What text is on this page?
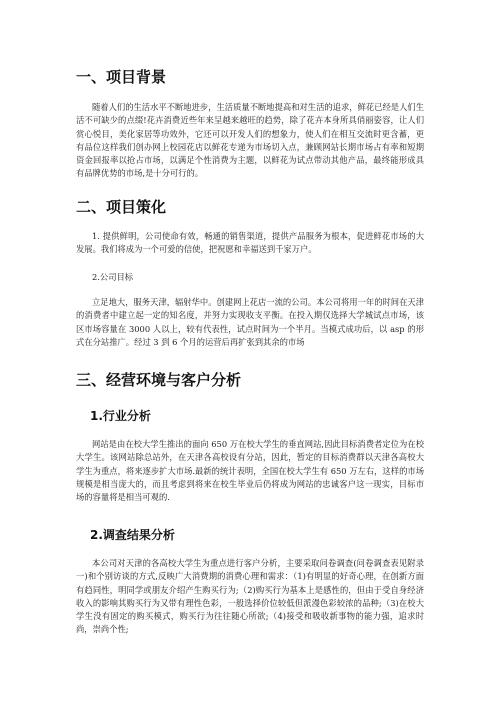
一、项目背景
随着人们的生活水平不断地进步，生活质量不断地提高和对生活的追求，鲜花已经是人们生活不可缺少的点缀!花卉消费近些年来呈越来越旺的趋势，除了花卉本身所具俏丽姿容，让人们赏心悦目，美化家居等功效外，它还可以开发人们的想象力，使人们在相互交流时更含蓄，更有品位这样我们创办网上校园花店以鲜花专递为市场切入点，兼顾网站长期市场占有率和短期资金回报率以抢占市场，以满足个性消费为主题，以鲜花为试点带动其他产品，最终能形成具有品牌优势的市场,是十分可行的。
二、项目策化
1. 提供鲜明，公司使命有效，畅通的销售渠道，提供产品服务为根本，促进鲜花市场的大发展。我们将成为一个可爱的信使，把祝愿和幸福送到千家万户。
2.公司目标
立足地大，服务天津，辐射华中。创建网上花店一流的公司。本公司将用一年的时间在天津的消费者中建立起一定的知名度，并努力实现收支平衡。在投入期仅选择大学城试点市场，该区市场容量在 3000 人以上，较有代表性，试点时间为一个半月。当模式成功后，以 asp 的形式在分站推广。经过 3 到 6 个月的运营后再扩张到其余的市场
三、经营环境与客户分析
1.行业分析
网站是由在校大学生推出的面向 650 万在校大学生的垂直网站,因此目标消费者定位为在校大学生。该网站除总站外，在天津各高校设有分站，因此，暂定的目标消费群以天津各高校大学生为重点，将来逐步扩大市场.最新的统计表明，全国在校大学生有 650 万左右，这样的市场规模是相当庞大的，而且考虑到将来在校生毕业后仍将成为网站的忠诚客户这一现实，目标市场的容量将是相当可观的.
2.调查结果分析
本公司对天津的各高校大学生为重点进行客户分析，主要采取问卷调查(问卷调查表见附录一)和个别访谈的方式,反映广大消费期的消费心理和需求：（1)有明显的好奇心理，在创新方面有趋同性，明同学或朋友介绍产生购买行为;（2)购买行为基本上是感性的，但由于受自身经济收入的影响其购买行为又带有理性色彩，一般选择价位较低但派漫色彩较浓的品种;（3)在校大学生没有固定的购买模式，购买行为往往随心所欲;（4)接受和吸收新事物的能力强，追求时尚，崇尚个性;
